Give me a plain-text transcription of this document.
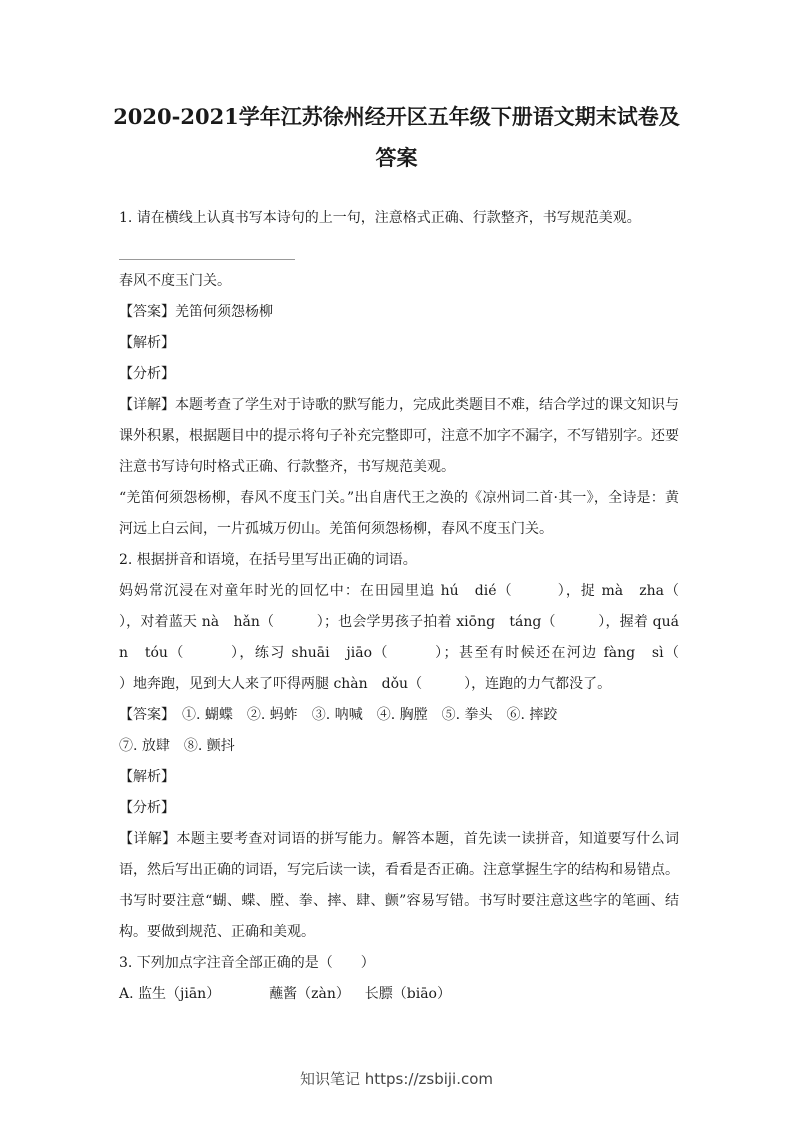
2020-2021学年江苏徐州经开区五年级下册语文期末试卷及答案

1. 请在横线上认真书写本诗句的上一句，注意格式正确、行款整齐，书写规范美观。

春风不度玉门关。

【答案】羌笛何须怨杨柳

【解析】

【分析】

【详解】本题考查了学生对于诗歌的默写能力，完成此类题目不难，结合学过的课文知识与课外积累，根据题目中的提示将句子补充完整即可，注意不加字不漏字，不写错别字。还要注意书写诗句时格式正确、行款整齐，书写规范美观。

“羌笛何须怨杨柳，春风不度玉门关。”出自唐代王之涣的《凉州词二首·其一》，全诗是：黄河远上白云间，一片孤城万仞山。羌笛何须怨杨柳，春风不度玉门关。

2. 根据拼音和语境，在括号里写出正确的词语。

妈妈常沉浸在对童年时光的回忆中：在田园里追 hú　dié（　　　），捉 mà　zha（　　　），对着蓝天 nà　hǎn（　　　）；也会学男孩子拍着 xiōng　táng（　　　），握着 quán　tóu（　　　），练习 shuāi　jiāo（　　　）；甚至有时候还在河边 fàng　sì（　　　）地奔跑，见到大人来了吓得两腿 chàn　dǒu（　　　），连跑的力气都没了。

【答案】　①. 蝴蝶　②. 蚂蚱　③. 呐喊　④. 胸膛　⑤. 拳头　⑥. 摔跤

⑦. 放肆　⑧. 颤抖

【解析】

【分析】

【详解】本题主要考查对词语的拼写能力。解答本题，首先读一读拼音，知道要写什么词语，然后写出正确的词语，写完后读一读，看看是否正确。注意掌握生字的结构和易错点。书写时要注意“蝴、蝶、膛、拳、摔、肆、颤”容易写错。书写时要注意这些字的笔画、结构。要做到规范、正确和美观。

3. 下列加点字注音全部正确的是（　　）

A. 监生（jiān）	蘸酱（zàn） 长膘（biāo）

知识笔记 https://zsbiji.com
